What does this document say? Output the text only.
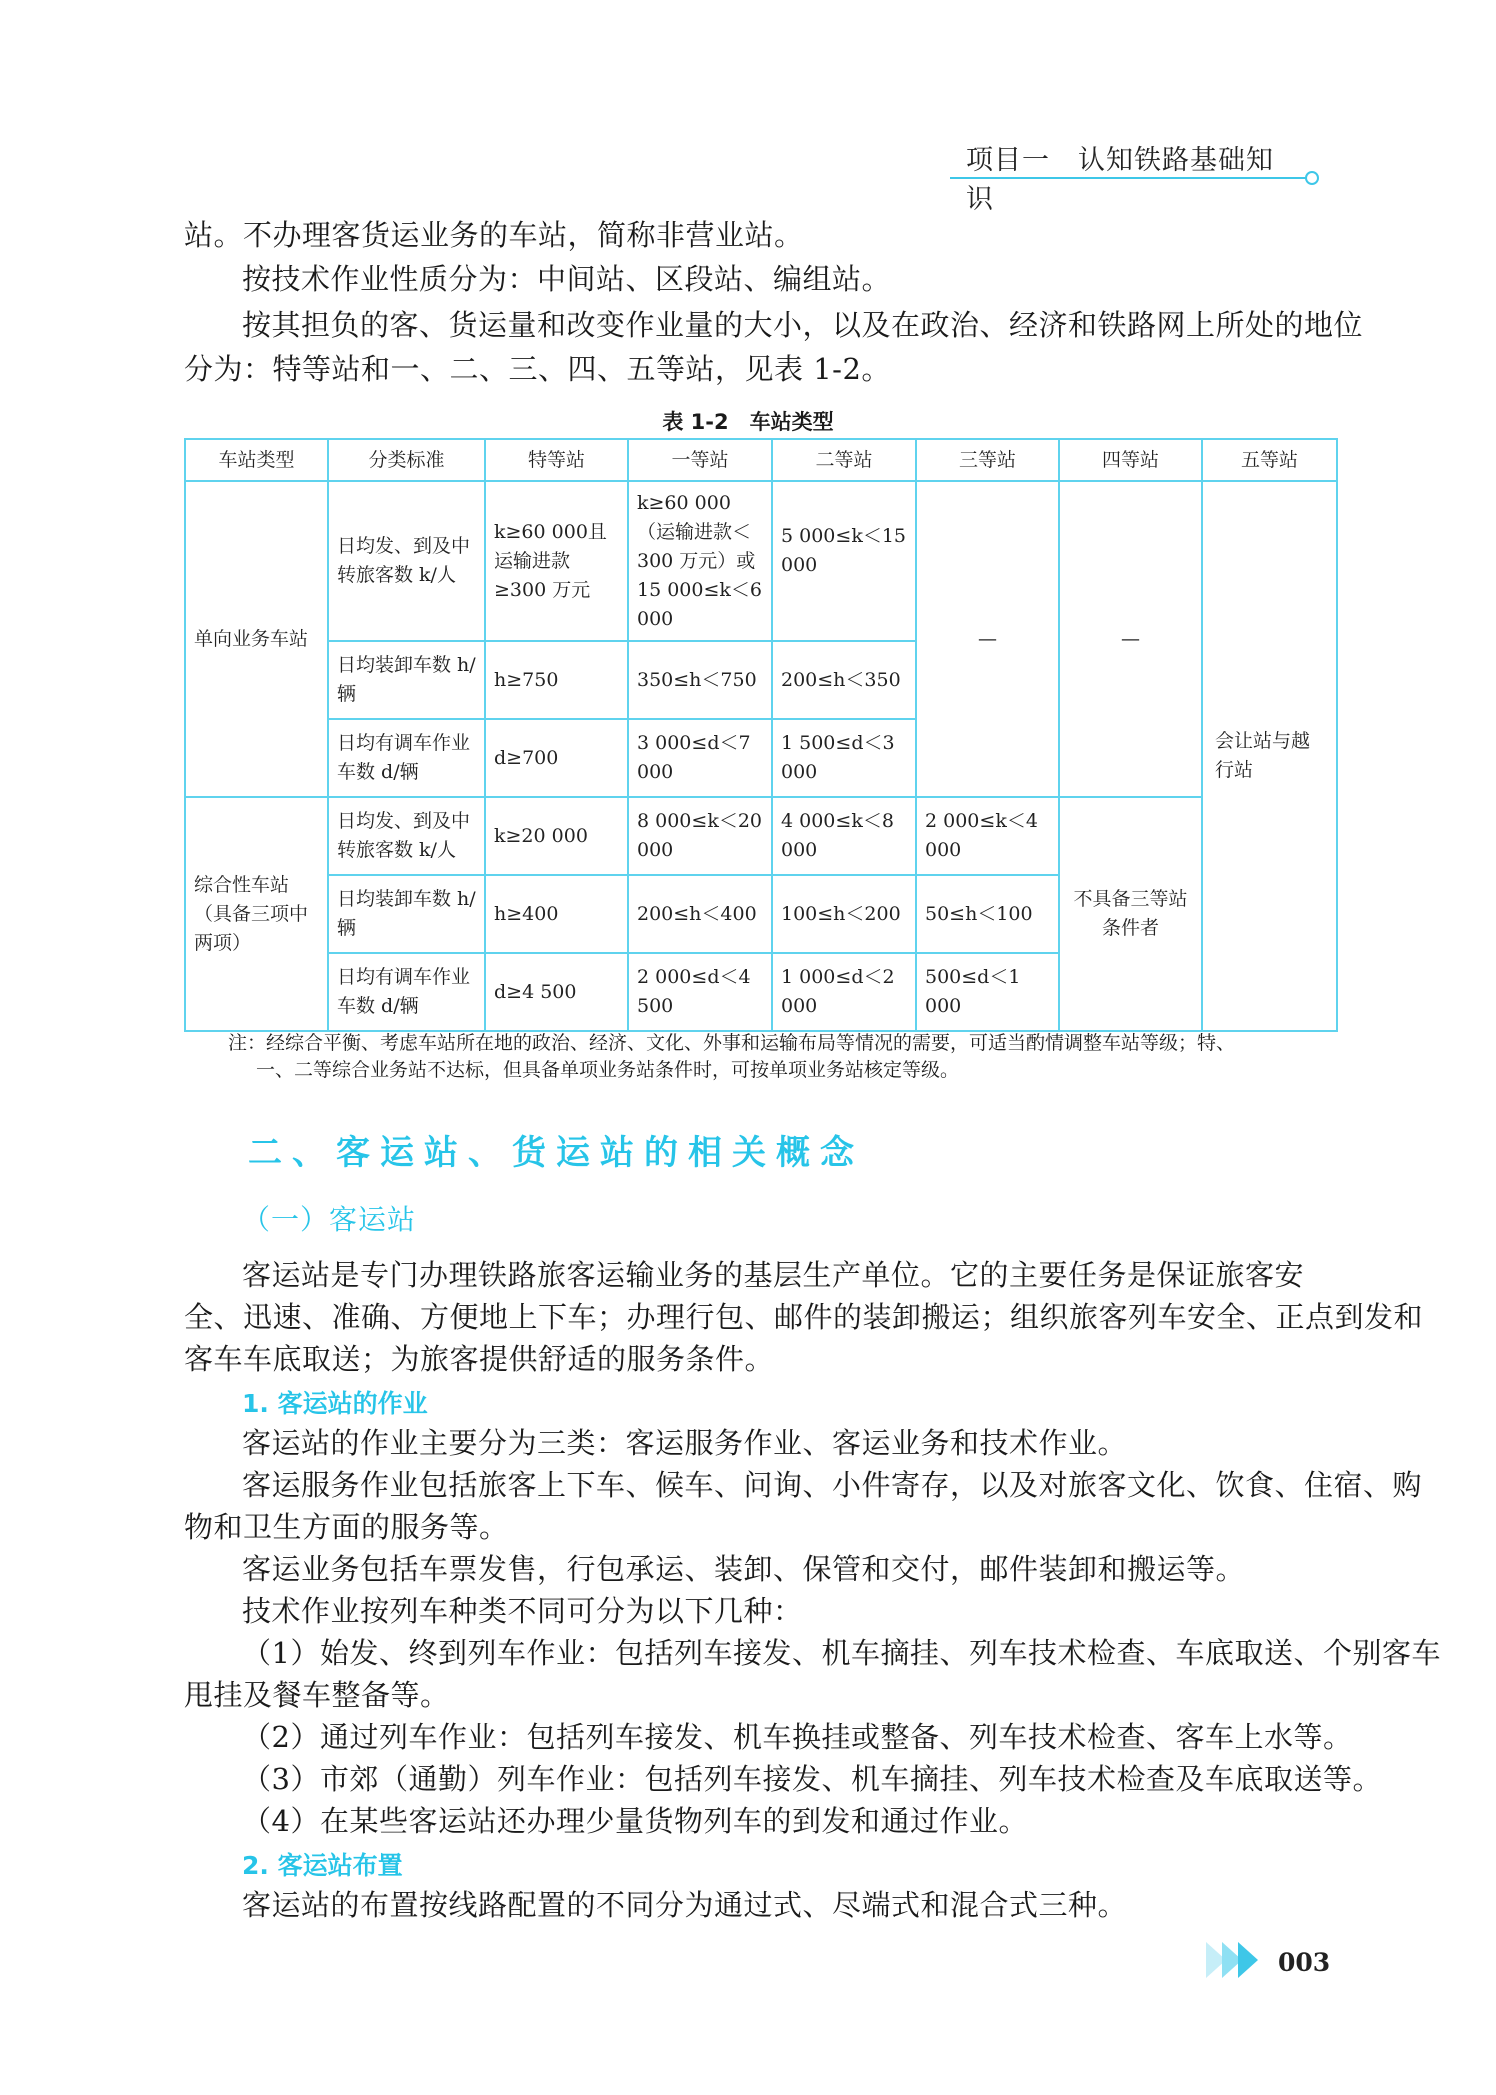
项目一 认知铁路基础知识
站。不办理客货运业务的车站，简称非营业站。
按技术作业性质分为：中间站、区段站、编组站。
按其担负的客、货运量和改变作业量的大小，以及在政治、经济和铁路网上所处的地位
分为：特等站和一、二、三、四、五等站，见表 1-2。
表 1-2　车站类型
车站类型	分类标准	特等站	一等站	二等站	三等站	四等站	五等站
单向业务车站	日均发、到及中转旅客数 k/人	k≥60 000且运输进款≥300 万元	k≥60 000（运输进款＜300 万元）或15 000≤k＜6 000	5 000≤k＜15 000	—	—	会让站与越行站
	日均装卸车数 h/辆	h≥750	350≤h＜750	200≤h＜350			
	日均有调车作业车数 d/辆	d≥700	3 000≤d＜7 000	1 500≤d＜3 000			
综合性车站（具备三项中两项）	日均发、到及中转旅客数 k/人	k≥20 000	8 000≤k＜20 000	4 000≤k＜8 000	2 000≤k＜4 000	不具备三等站条件者	
	日均装卸车数 h/辆	h≥400	200≤h＜400	100≤h＜200	50≤h＜100		
	日均有调车作业车数 d/辆	d≥4 500	2 000≤d＜4 500	1 000≤d＜2 000	500≤d＜1 000		
注：经综合平衡、考虑车站所在地的政治、经济、文化、外事和运输布局等情况的需要，可适当酌情调整车站等级；特、
一、二等综合业务站不达标，但具备单项业务站条件时，可按单项业务站核定等级。
二、客运站、货运站的相关概念
（一）客运站
客运站是专门办理铁路旅客运输业务的基层生产单位。它的主要任务是保证旅客安
全、迅速、准确、方便地上下车；办理行包、邮件的装卸搬运；组织旅客列车安全、正点到发和
客车车底取送；为旅客提供舒适的服务条件。
1. 客运站的作业
客运站的作业主要分为三类：客运服务作业、客运业务和技术作业。
客运服务作业包括旅客上下车、候车、问询、小件寄存，以及对旅客文化、饮食、住宿、购
物和卫生方面的服务等。
客运业务包括车票发售，行包承运、装卸、保管和交付，邮件装卸和搬运等。
技术作业按列车种类不同可分为以下几种：
（1）始发、终到列车作业：包括列车接发、机车摘挂、列车技术检查、车底取送、个别客车
甩挂及餐车整备等。
（2）通过列车作业：包括列车接发、机车换挂或整备、列车技术检查、客车上水等。
（3）市郊（通勤）列车作业：包括列车接发、机车摘挂、列车技术检查及车底取送等。
（4）在某些客运站还办理少量货物列车的到发和通过作业。
2. 客运站布置
客运站的布置按线路配置的不同分为通过式、尽端式和混合式三种。
003
